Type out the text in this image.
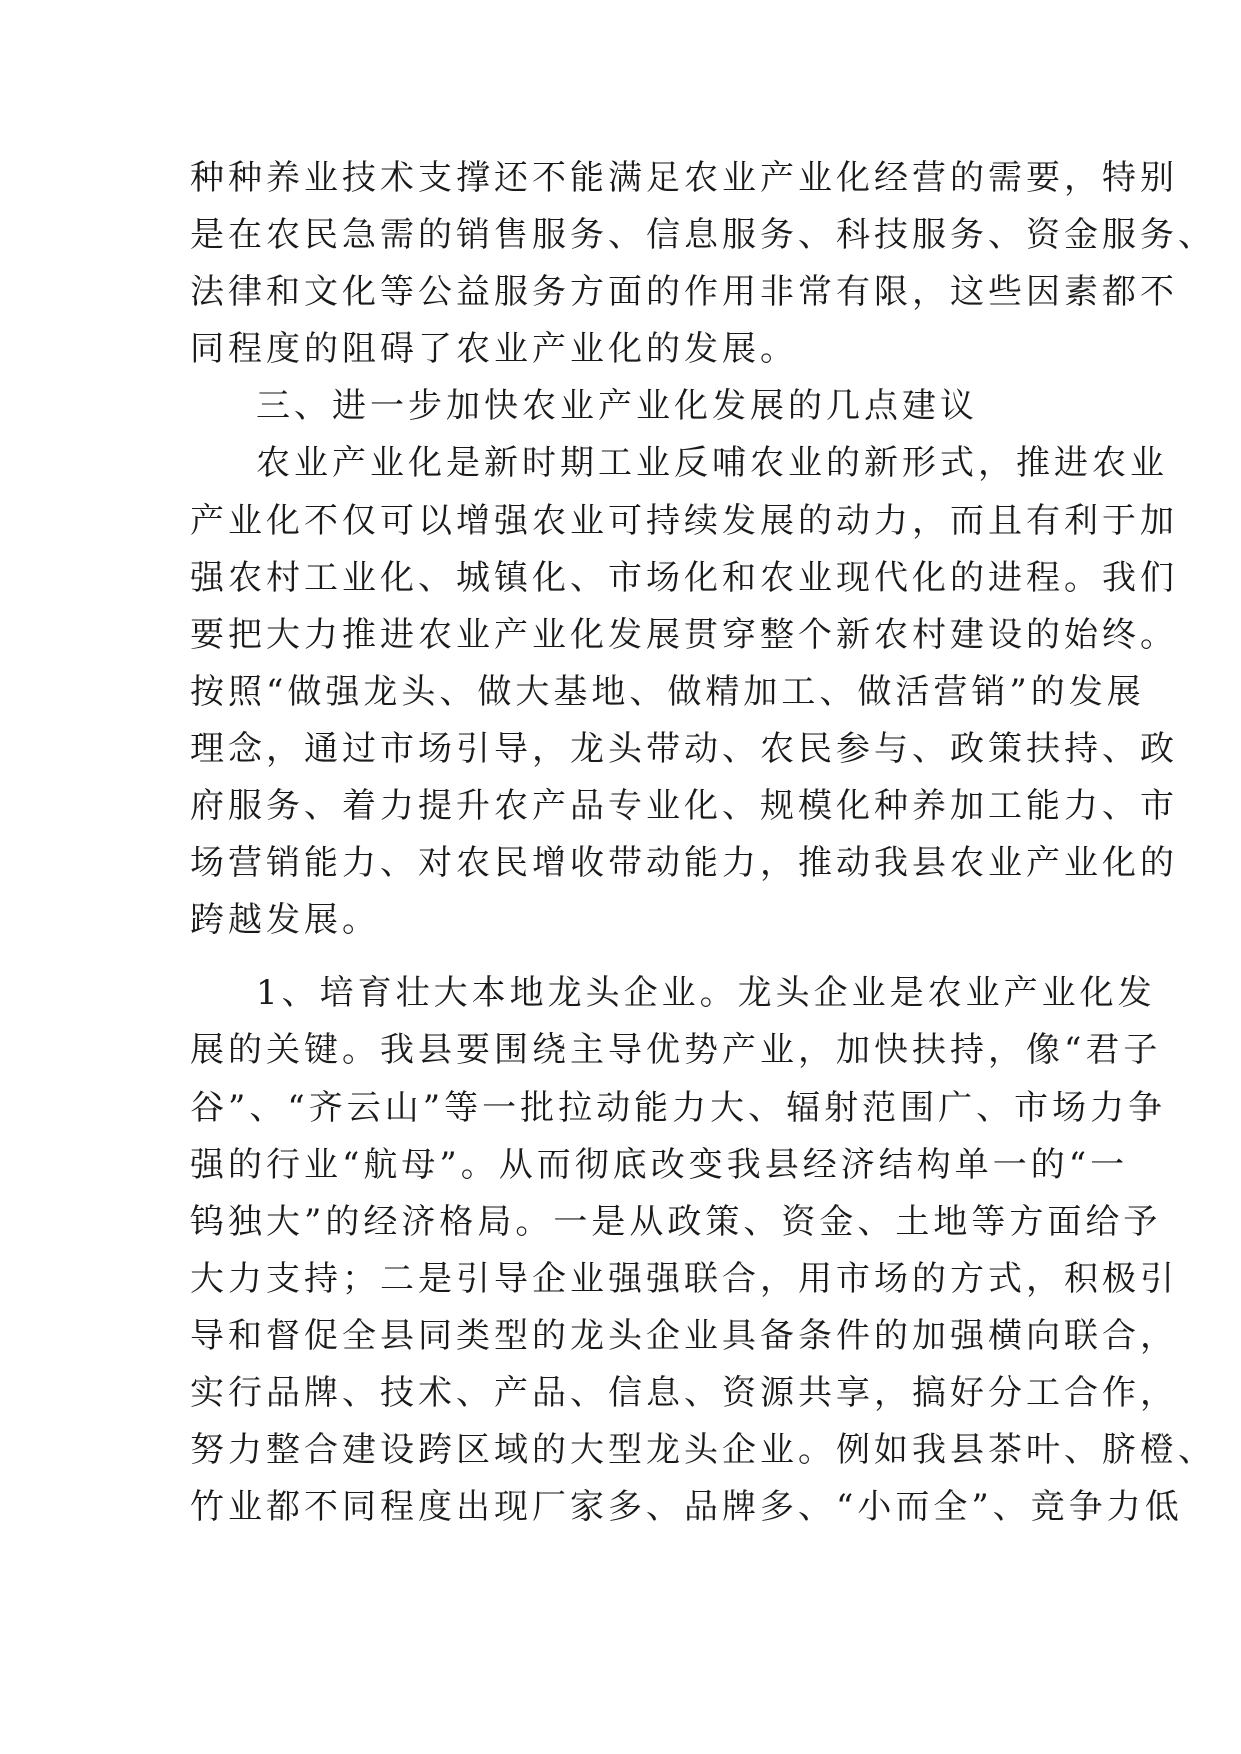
种种养业技术支撑还不能满足农业产业化经营的需要，特别
是在农民急需的销售服务、信息服务、科技服务、资金服务、
法律和文化等公益服务方面的作用非常有限，这些因素都不
同程度的阻碍了农业产业化的发展。
三、进一步加快农业产业化发展的几点建议
农业产业化是新时期工业反哺农业的新形式，推进农业
产业化不仅可以增强农业可持续发展的动力，而且有利于加
强农村工业化、城镇化、市场化和农业现代化的进程。我们
要把大力推进农业产业化发展贯穿整个新农村建设的始终。
按照“做强龙头、做大基地、做精加工、做活营销”的发展
理念，通过市场引导，龙头带动、农民参与、政策扶持、政
府服务、着力提升农产品专业化、规模化种养加工能力、市
场营销能力、对农民增收带动能力，推动我县农业产业化的
跨越发展。
1、培育壮大本地龙头企业。龙头企业是农业产业化发
展的关键。我县要围绕主导优势产业，加快扶持，像“君子
谷”、“齐云山”等一批拉动能力大、辐射范围广、市场力争
强的行业“航母”。从而彻底改变我县经济结构单一的“一
钨独大”的经济格局。一是从政策、资金、土地等方面给予
大力支持；二是引导企业强强联合，用市场的方式，积极引
导和督促全县同类型的龙头企业具备条件的加强横向联合，
实行品牌、技术、产品、信息、资源共享，搞好分工合作，
努力整合建设跨区域的大型龙头企业。例如我县茶叶、脐橙、
竹业都不同程度出现厂家多、品牌多、“小而全”、竞争力低
